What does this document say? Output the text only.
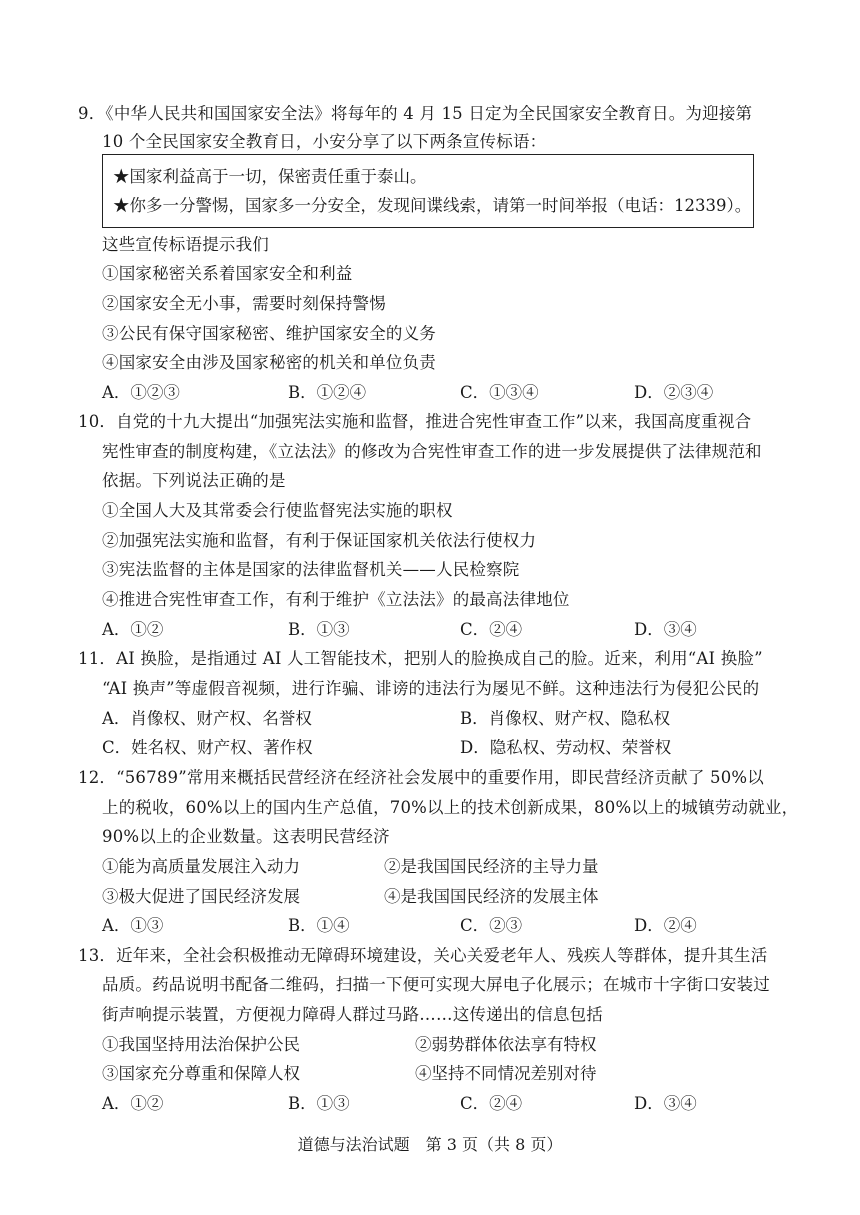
9．《中华人民共和国国家安全法》将每年的 4 月 15 日定为全民国家安全教育日。为迎接第
10 个全民国家安全教育日，小安分享了以下两条宣传标语：
★国家利益高于一切，保密责任重于泰山。
★你多一分警惕，国家多一分安全，发现间谍线索，请第一时间举报（电话：12339）。
这些宣传标语提示我们
①国家秘密关系着国家安全和利益
②国家安全无小事，需要时刻保持警惕
③公民有保守国家秘密、维护国家安全的义务
④国家安全由涉及国家秘密的机关和单位负责
A．①②③	B．①②④	C．①③④	D．②③④
10．自党的十九大提出“加强宪法实施和监督，推进合宪性审查工作”以来，我国高度重视合
宪性审查的制度构建，《立法法》的修改为合宪性审查工作的进一步发展提供了法律规范和
依据。下列说法正确的是
①全国人大及其常委会行使监督宪法实施的职权
②加强宪法实施和监督，有利于保证国家机关依法行使权力
③宪法监督的主体是国家的法律监督机关——人民检察院
④推进合宪性审查工作，有利于维护《立法法》的最高法律地位
A．①②	B．①③	C．②④	D．③④
11．AI 换脸，是指通过 AI 人工智能技术，把别人的脸换成自己的脸。近来，利用“AI 换脸”
“AI 换声”等虚假音视频，进行诈骗、诽谤的违法行为屡见不鲜。这种违法行为侵犯公民的
A．肖像权、财产权、名誉权	B．肖像权、财产权、隐私权
C．姓名权、财产权、著作权	D．隐私权、劳动权、荣誉权
12．“56789”常用来概括民营经济在经济社会发展中的重要作用，即民营经济贡献了 50%以
上的税收，60%以上的国内生产总值，70%以上的技术创新成果，80%以上的城镇劳动就业，
90%以上的企业数量。这表明民营经济
①能为高质量发展注入动力	②是我国国民经济的主导力量
③极大促进了国民经济发展	④是我国国民经济的发展主体
A．①③	B．①④	C．②③	D．②④
13．近年来，全社会积极推动无障碍环境建设，关心关爱老年人、残疾人等群体，提升其生活
品质。药品说明书配备二维码，扫描一下便可实现大屏电子化展示；在城市十字街口安装过
街声响提示装置，方便视力障碍人群过马路……这传递出的信息包括
①我国坚持用法治保护公民	②弱势群体依法享有特权
③国家充分尊重和保障人权	④坚持不同情况差别对待
A．①②	B．①③	C．②④	D．③④
道德与法治试题　第 3 页（共 8 页）
